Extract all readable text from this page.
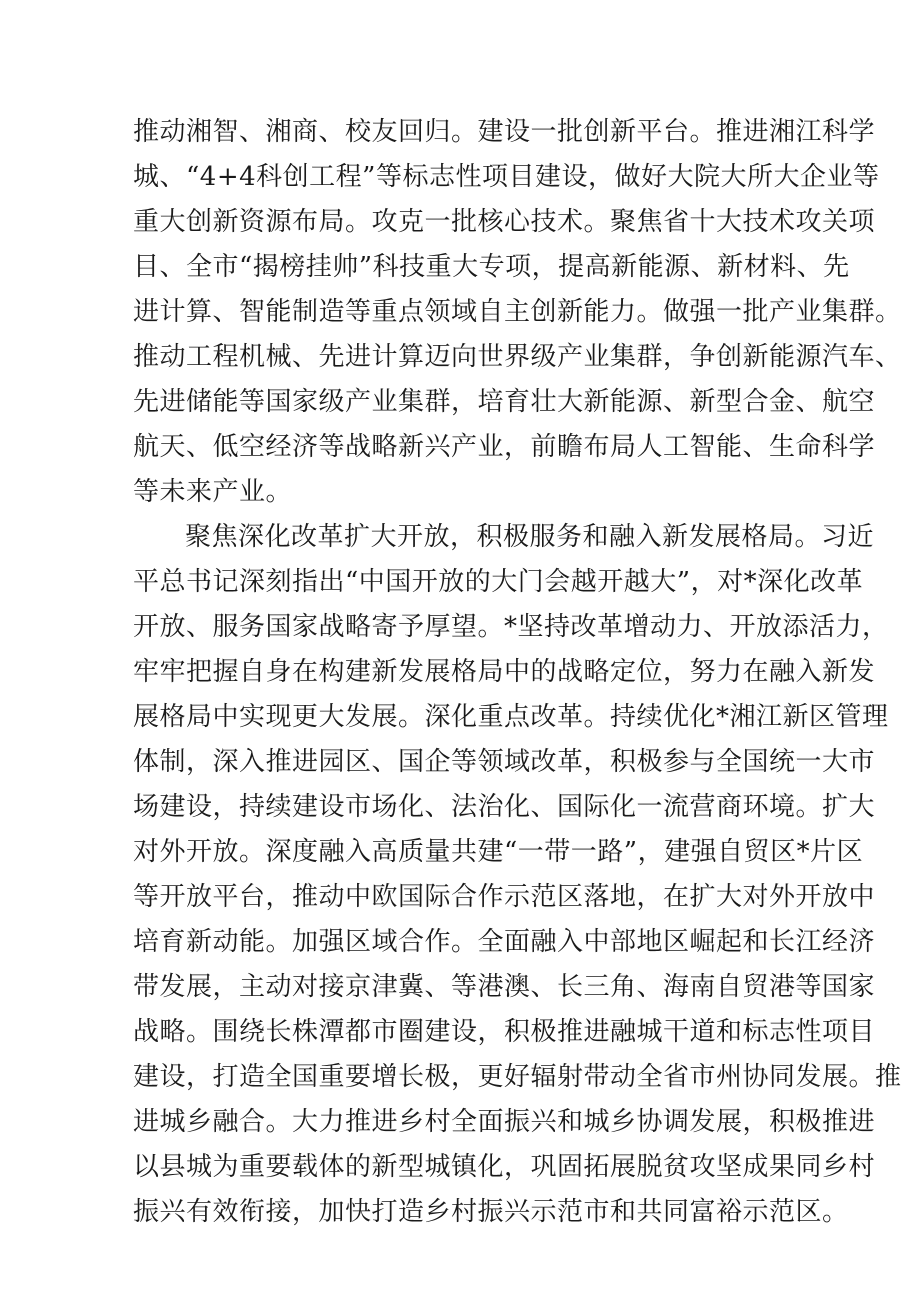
推动湘智、湘商、校友回归。建设一批创新平台。推进湘江科学
城、“4+4科创工程”等标志性项目建设，做好大院大所大企业等
重大创新资源布局。攻克一批核心技术。聚焦省十大技术攻关项
目、全市“揭榜挂帅”科技重大专项，提高新能源、新材料、先
进计算、智能制造等重点领域自主创新能力。做强一批产业集群。
推动工程机械、先进计算迈向世界级产业集群，争创新能源汽车、
先进储能等国家级产业集群，培育壮大新能源、新型合金、航空
航天、低空经济等战略新兴产业，前瞻布局人工智能、生命科学
等未来产业。
聚焦深化改革扩大开放，积极服务和融入新发展格局。习近
平总书记深刻指出“中国开放的大门会越开越大”，对*深化改革
开放、服务国家战略寄予厚望。*坚持改革增动力、开放添活力，
牢牢把握自身在构建新发展格局中的战略定位，努力在融入新发
展格局中实现更大发展。深化重点改革。持续优化*湘江新区管理
体制，深入推进园区、国企等领域改革，积极参与全国统一大市
场建设，持续建设市场化、法治化、国际化一流营商环境。扩大
对外开放。深度融入高质量共建“一带一路”，建强自贸区*片区
等开放平台，推动中欧国际合作示范区落地，在扩大对外开放中
培育新动能。加强区域合作。全面融入中部地区崛起和长江经济
带发展，主动对接京津冀、等港澳、长三角、海南自贸港等国家
战略。围绕长株潭都市圈建设，积极推进融城干道和标志性项目
建设，打造全国重要增长极，更好辐射带动全省市州协同发展。推
进城乡融合。大力推进乡村全面振兴和城乡协调发展，积极推进
以县城为重要载体的新型城镇化，巩固拓展脱贫攻坚成果同乡村
振兴有效衔接，加快打造乡村振兴示范市和共同富裕示范区。
